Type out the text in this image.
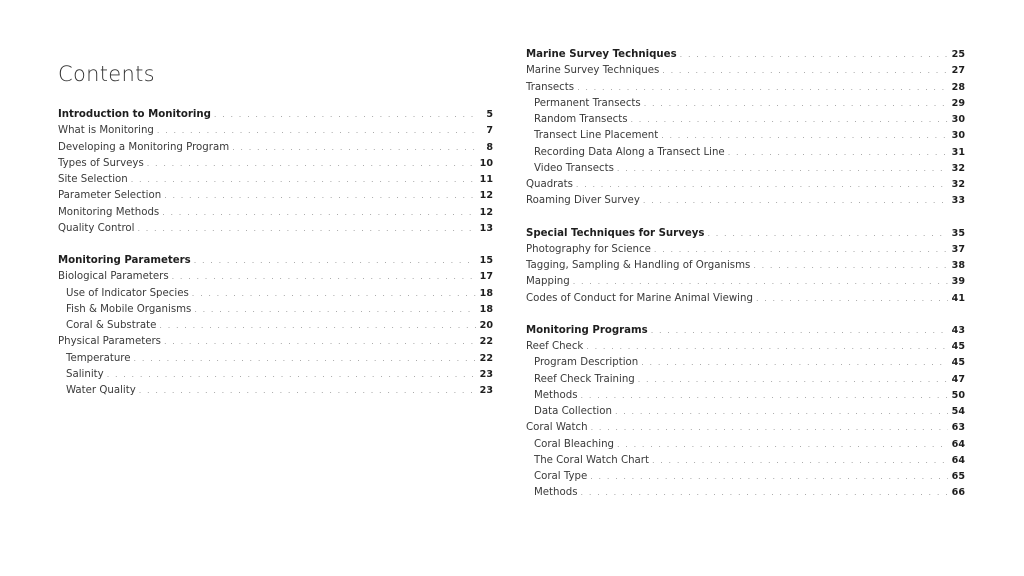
Contents
Introduction to Monitoring . . .	5
What is Monitoring . . .	7
Developing a Monitoring Program . . .	8
Types of Surveys . . .	10
Site Selection . . .	11
Parameter Selection . . .	12
Monitoring Methods . . .	12
Quality Control . . .	13
Monitoring Parameters . . .	15
Biological Parameters . . .	17
Use of Indicator Species . . .	18
Fish & Mobile Organisms . . .	18
Coral & Substrate . . .	20
Physical Parameters . . .	22
Temperature . . .	22
Salinity . . .	23
Water Quality . . .	23
Marine Survey Techniques . . .	25
Marine Survey Techniques . . .	27
Transects . . .	28
Permanent Transects . . .	29
Random Transects . . .	30
Transect Line Placement . . .	30
Recording Data Along a Transect Line . . .	31
Video Transects . . .	32
Quadrats . . .	32
Roaming Diver Survey . . .	33
Special Techniques for Surveys . . .	35
Photography for Science . . .	37
Tagging, Sampling & Handling of Organisms . . .	38
Mapping . . .	39
Codes of Conduct for Marine Animal Viewing . . .	41
Monitoring Programs . . .	43
Reef Check . . .	45
Program Description . . .	45
Reef Check Training . . .	47
Methods . . .	50
Data Collection . . .	54
Coral Watch . . .	63
Coral Bleaching . . .	64
The Coral Watch Chart . . .	64
Coral Type . . .	65
Methods . . .	66
